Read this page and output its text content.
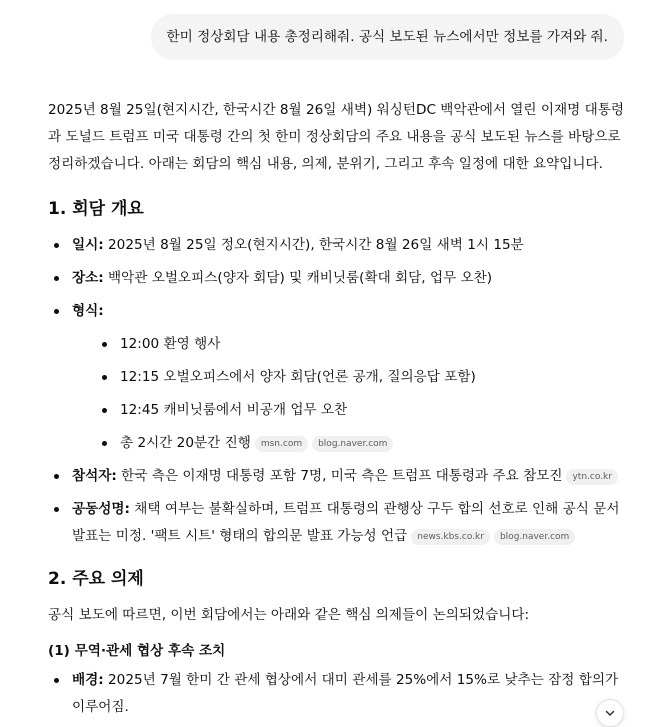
한미 정상회담 내용 총정리해줘. 공식 보도된 뉴스에서만 정보를 가져와 줘.

2025년 8월 25일(현지시간, 한국시간 8월 26일 새벽) 워싱턴DC 백악관에서 열린 이재명 대통령과 도널드 트럼프 미국 대통령 간의 첫 한미 정상회담의 주요 내용을 공식 보도된 뉴스를 바탕으로 정리하겠습니다. 아래는 회담의 핵심 내용, 의제, 분위기, 그리고 후속 일정에 대한 요약입니다.

1. 회담 개요
일시: 2025년 8월 25일 정오(현지시간), 한국시간 8월 26일 새벽 1시 15분
장소: 백악관 오벌오피스(양자 회담) 및 캐비닛룸(확대 회담, 업무 오찬)
형식:
12:00 환영 행사
12:15 오벌오피스에서 양자 회담(언론 공개, 질의응답 포함)
12:45 캐비닛룸에서 비공개 업무 오찬
총 2시간 20분간 진행 msn.com blog.naver.com
참석자: 한국 측은 이재명 대통령 포함 7명, 미국 측은 트럼프 대통령과 주요 참모진 ytn.co.kr
공동성명: 채택 여부는 불확실하며, 트럼프 대통령의 관행상 구두 합의 선호로 인해 공식 문서 발표는 미정. '팩트 시트' 형태의 합의문 발표 가능성 언급 news.kbs.co.kr blog.naver.com
2. 주요 의제

공식 보도에 따르면, 이번 회담에서는 아래와 같은 핵심 의제들이 논의되었습니다:

(1) 무역·관세 협상 후속 조치
배경: 2025년 7월 한미 간 관세 협상에서 대미 관세를 25%에서 15%로 낮추는 잠정 합의가 이루어짐.
